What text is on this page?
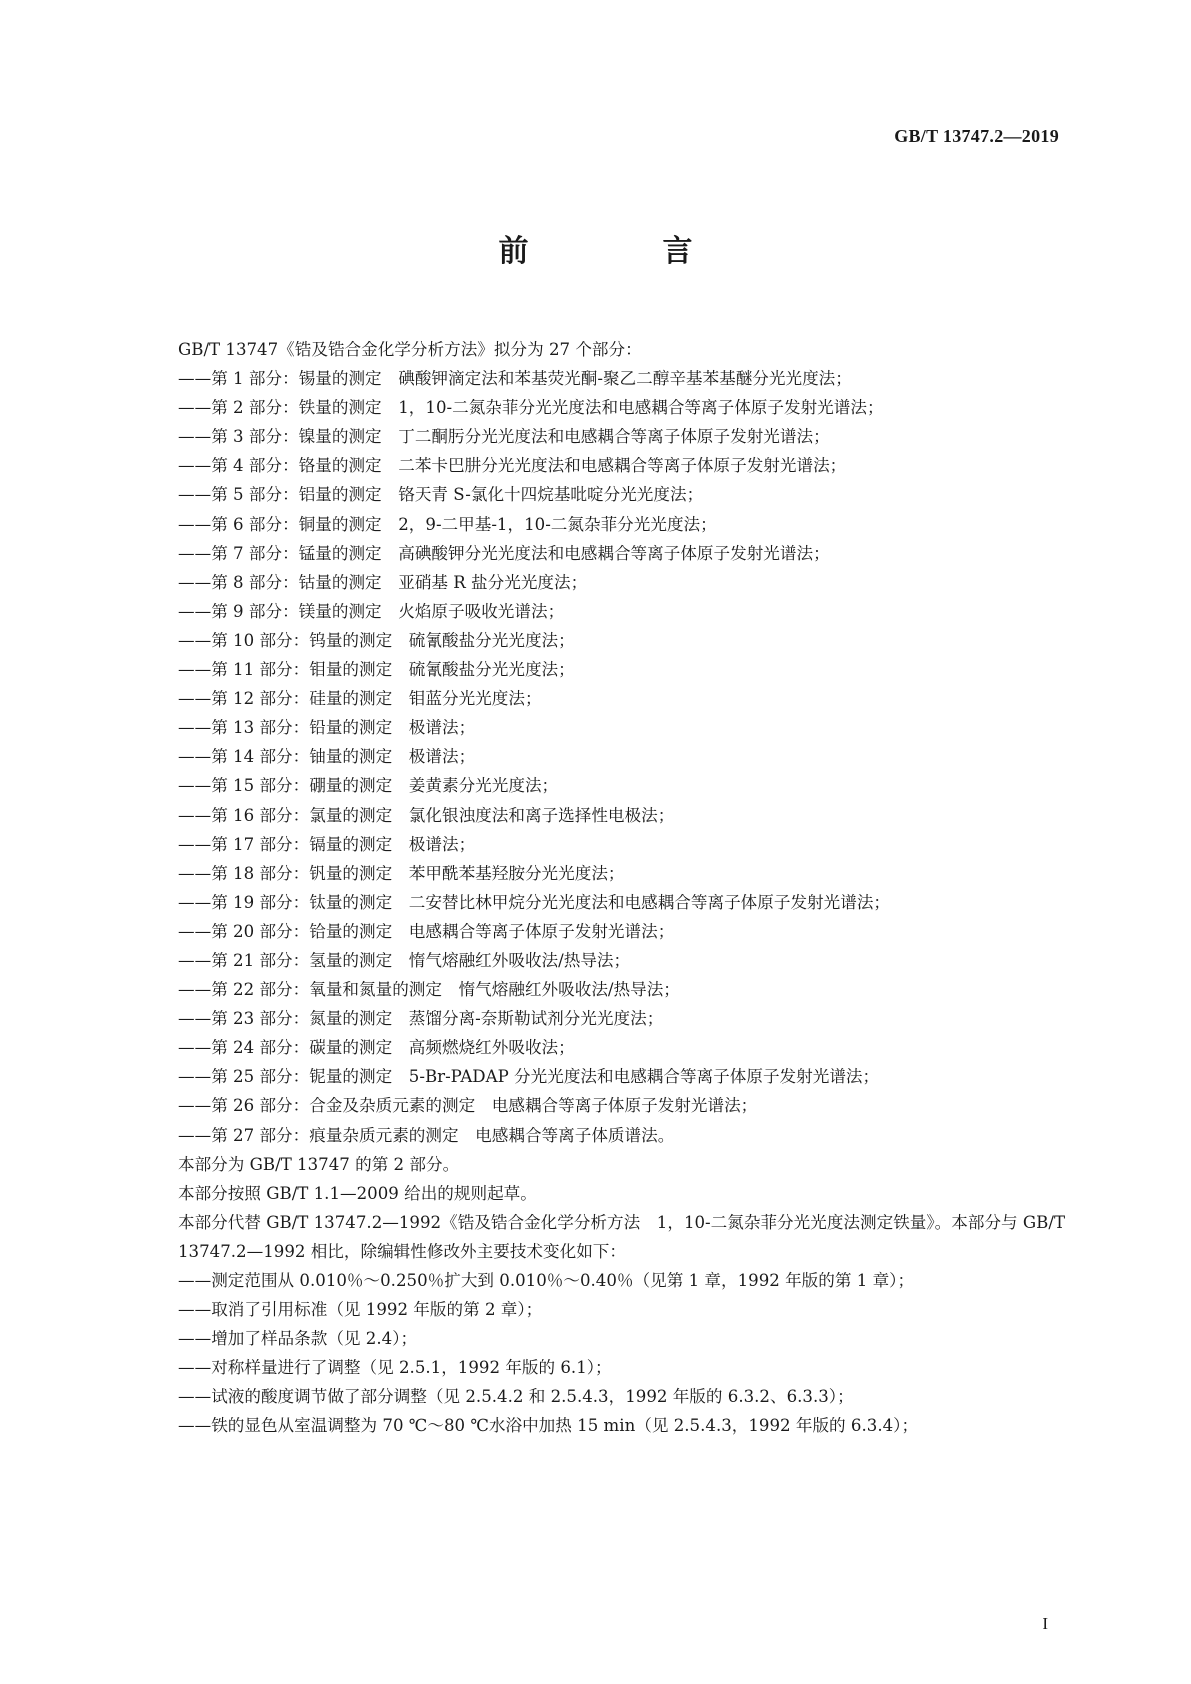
GB/T 13747.2—2019

前　言

GB/T 13747《锆及锆合金化学分析方法》拟分为 27 个部分：

——第 1 部分：锡量的测定　碘酸钾滴定法和苯基荧光酮-聚乙二醇辛基苯基醚分光光度法；

——第 2 部分：铁量的测定　1，10-二氮杂菲分光光度法和电感耦合等离子体原子发射光谱法；

——第 3 部分：镍量的测定　丁二酮肟分光光度法和电感耦合等离子体原子发射光谱法；

——第 4 部分：铬量的测定　二苯卡巴肼分光光度法和电感耦合等离子体原子发射光谱法；

——第 5 部分：铝量的测定　铬天青 S-氯化十四烷基吡啶分光光度法；

——第 6 部分：铜量的测定　2，9-二甲基-1，10-二氮杂菲分光光度法；

——第 7 部分：锰量的测定　高碘酸钾分光光度法和电感耦合等离子体原子发射光谱法；

——第 8 部分：钴量的测定　亚硝基 R 盐分光光度法；

——第 9 部分：镁量的测定　火焰原子吸收光谱法；

——第 10 部分：钨量的测定　硫氰酸盐分光光度法；

——第 11 部分：钼量的测定　硫氰酸盐分光光度法；

——第 12 部分：硅量的测定　钼蓝分光光度法；

——第 13 部分：铅量的测定　极谱法；

——第 14 部分：铀量的测定　极谱法；

——第 15 部分：硼量的测定　姜黄素分光光度法；

——第 16 部分：氯量的测定　氯化银浊度法和离子选择性电极法；

——第 17 部分：镉量的测定　极谱法；

——第 18 部分：钒量的测定　苯甲酰苯基羟胺分光光度法；

——第 19 部分：钛量的测定　二安替比林甲烷分光光度法和电感耦合等离子体原子发射光谱法；

——第 20 部分：铪量的测定　电感耦合等离子体原子发射光谱法；

——第 21 部分：氢量的测定　惰气熔融红外吸收法/热导法；

——第 22 部分：氧量和氮量的测定　惰气熔融红外吸收法/热导法；

——第 23 部分：氮量的测定　蒸馏分离-奈斯勒试剂分光光度法；

——第 24 部分：碳量的测定　高频燃烧红外吸收法；

——第 25 部分：铌量的测定　5-Br-PADAP 分光光度法和电感耦合等离子体原子发射光谱法；

——第 26 部分：合金及杂质元素的测定　电感耦合等离子体原子发射光谱法；

——第 27 部分：痕量杂质元素的测定　电感耦合等离子体质谱法。

本部分为 GB/T 13747 的第 2 部分。

本部分按照 GB/T 1.1—2009 给出的规则起草。

本部分代替 GB/T 13747.2—1992《锆及锆合金化学分析方法　1，10-二氮杂菲分光光度法测定铁量》。本部分与 GB/T 13747.2—1992 相比，除编辑性修改外主要技术变化如下：

——测定范围从 0.010％～0.250％扩大到 0.010％～0.40％（见第 1 章，1992 年版的第 1 章）；

——取消了引用标准（见 1992 年版的第 2 章）；

——增加了样品条款（见 2.4）；

——对称样量进行了调整（见 2.5.1，1992 年版的 6.1）；

——试液的酸度调节做了部分调整（见 2.5.4.2 和 2.5.4.3，1992 年版的 6.3.2、6.3.3）；

——铁的显色从室温调整为 70 ℃～80 ℃水浴中加热 15 min（见 2.5.4.3，1992 年版的 6.3.4）；

I
